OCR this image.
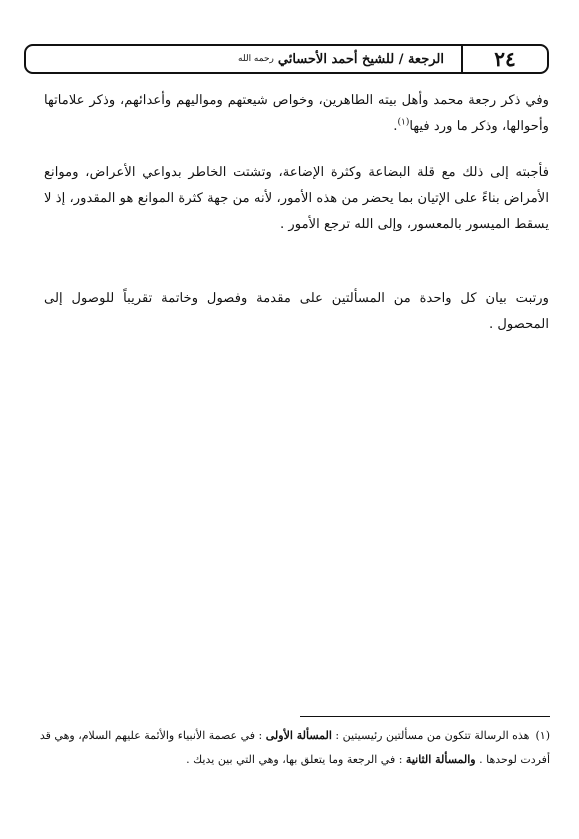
الرجعة / للشيخ أحمد الأحسائي
رحمه الله	٢٤

وفي ذكر رجعة محمد وأهل بيته الطاهرين، وخواص شيعتهم ومواليهم وأعدائهم، وذكر علاماتها وأحوالها، وذكر ما ورد فيها$^{(١)}$.

فأجبته إلى ذلك مع قلة البضاعة وكثرة الإضاعة، وتشتت الخاطر بدواعي الأعراض، وموانع الأمراض بناءً على الإتيان بما يحضر من هذه الأمور، لأنه من جهة كثرة الموانع هو المقدور، إذ لا يسقط الميسور بالمعسور، وإلى الله ترجع الأمور .

ورتبت بيان كل واحدة من المسألتين على مقدمة وفصول وخاتمة تقريباً للوصول إلى المحصول .

(١)هذه الرسالة تتكون من مسألتين رئيسيتين : المسألة الأولى : في عصمة الأنبياء والأئمة عليهم السلام، وهي قد أفردت لوحدها . والمسألة الثانية : في الرجعة وما يتعلق بها، وهي التي بين يديك .
